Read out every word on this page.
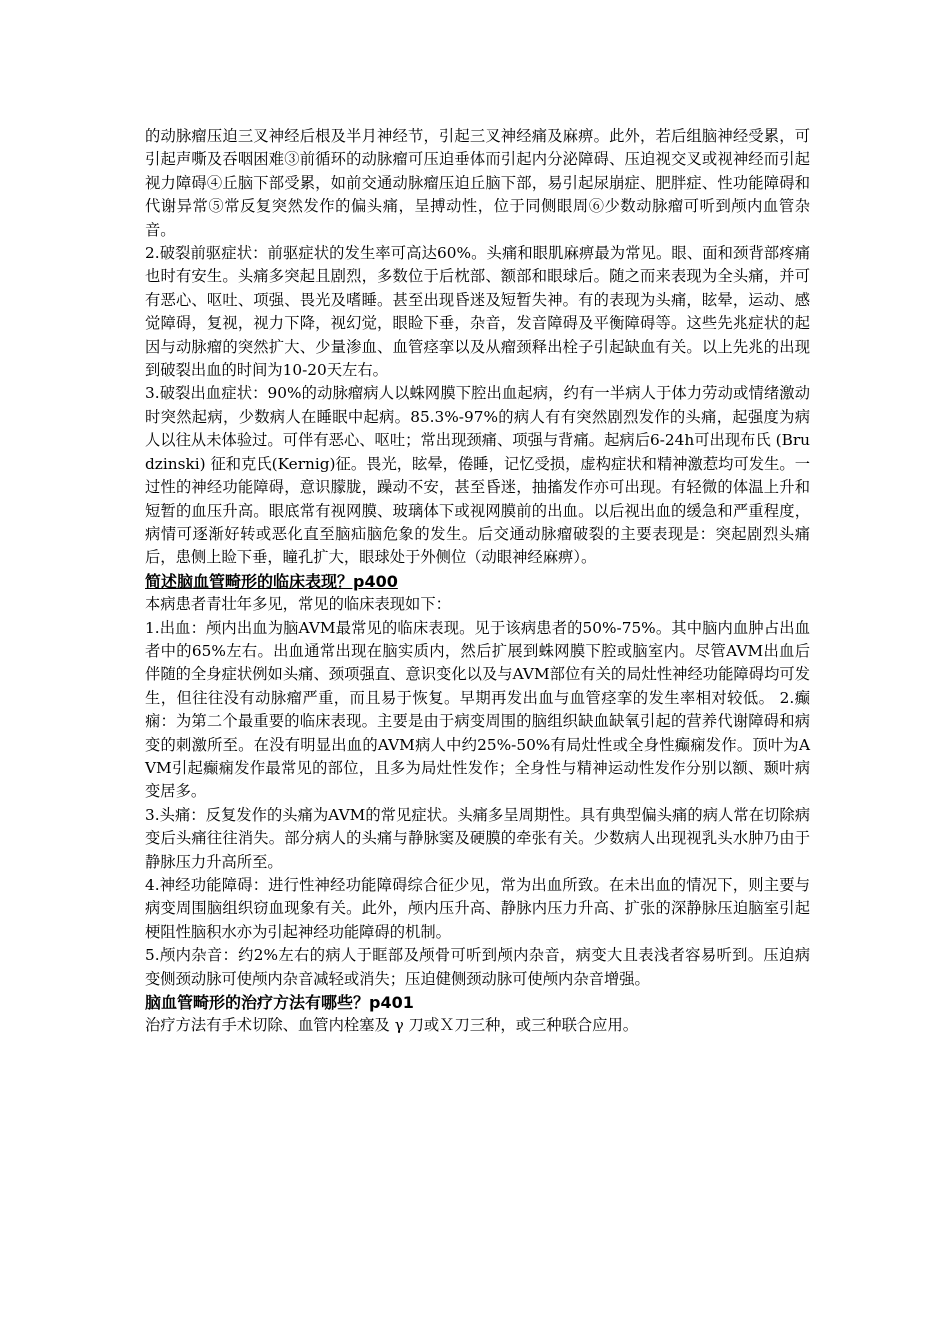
的动脉瘤压迫三叉神经后根及半月神经节，引起三叉神经痛及麻痹。此外，若后组脑神经受累，可引起声嘶及吞咽困难③前循环的动脉瘤可压迫垂体而引起内分泌障碍、压迫视交叉或视神经而引起视力障碍④丘脑下部受累，如前交通动脉瘤压迫丘脑下部，易引起尿崩症、肥胖症、性功能障碍和代谢异常⑤常反复突然发作的偏头痛，呈搏动性，位于同侧眼周⑥少数动脉瘤可听到颅内血管杂音。

2.破裂前驱症状：前驱症状的发生率可高达60%。头痛和眼肌麻痹最为常见。眼、面和颈背部疼痛也时有安生。头痛多突起且剧烈，多数位于后枕部、额部和眼球后。随之而来表现为全头痛，并可有恶心、呕吐、项强、畏光及嗜睡。甚至出现昏迷及短暂失神。有的表现为头痛，眩晕，运动、感觉障碍，复视，视力下降，视幻觉，眼睑下垂，杂音，发音障碍及平衡障碍等。这些先兆症状的起因与动脉瘤的突然扩大、少量渗血、血管痉挛以及从瘤颈释出栓子引起缺血有关。以上先兆的出现到破裂出血的时间为10-20天左右。

3.破裂出血症状：90%的动脉瘤病人以蛛网膜下腔出血起病，约有一半病人于体力劳动或情绪激动时突然起病，少数病人在睡眠中起病。85.3%-97%的病人有有突然剧烈发作的头痛，起强度为病人以往从未体验过。可伴有恶心、呕吐；常出现颈痛、项强与背痛。起病后6-24h可出现布氏 (Brudzinski) 征和克氏(Kernig)征。畏光，眩晕，倦睡，记忆受损，虚构症状和精神激惹均可发生。一过性的神经功能障碍，意识朦胧，躁动不安，甚至昏迷，抽搐发作亦可出现。有轻微的体温上升和短暂的血压升高。眼底常有视网膜、玻璃体下或视网膜前的出血。以后视出血的缓急和严重程度，病情可逐渐好转或恶化直至脑疝脑危象的发生。后交通动脉瘤破裂的主要表现是：突起剧烈头痛后，患侧上睑下垂，瞳孔扩大，眼球处于外侧位（动眼神经麻痹）。

简述脑血管畸形的临床表现？p400

本病患者青壮年多见，常见的临床表现如下：

1.出血：颅内出血为脑AVM最常见的临床表现。见于该病患者的50%-75%。其中脑内血肿占出血者中的65%左右。出血通常出现在脑实质内，然后扩展到蛛网膜下腔或脑室内。尽管AVM出血后伴随的全身症状例如头痛、颈项强直、意识变化以及与AVM部位有关的局灶性神经功能障碍均可发生，但往往没有动脉瘤严重，而且易于恢复。早期再发出血与血管痉挛的发生率相对较低。 2.癫痫：为第二个最重要的临床表现。主要是由于病变周围的脑组织缺血缺氧引起的营养代谢障碍和病变的刺激所至。在没有明显出血的AVM病人中约25%-50%有局灶性或全身性癫痫发作。顶叶为AVM引起癫痫发作最常见的部位，且多为局灶性发作；全身性与精神运动性发作分别以额、颞叶病变居多。

3.头痛：反复发作的头痛为AVM的常见症状。头痛多呈周期性。具有典型偏头痛的病人常在切除病变后头痛往往消失。部分病人的头痛与静脉窦及硬膜的牵张有关。少数病人出现视乳头水肿乃由于静脉压力升高所至。

4.神经功能障碍：进行性神经功能障碍综合征少见，常为出血所致。在未出血的情况下，则主要与病变周围脑组织窃血现象有关。此外，颅内压升高、静脉内压力升高、扩张的深静脉压迫脑室引起梗阻性脑积水亦为引起神经功能障碍的机制。

5.颅内杂音：约2%左右的病人于眶部及颅骨可听到颅内杂音，病变大且表浅者容易听到。压迫病变侧颈动脉可使颅内杂音减轻或消失；压迫健侧颈动脉可使颅内杂音增强。

脑血管畸形的治疗方法有哪些？p401

治疗方法有手术切除、血管内栓塞及 γ 刀或Ｘ刀三种，或三种联合应用。
